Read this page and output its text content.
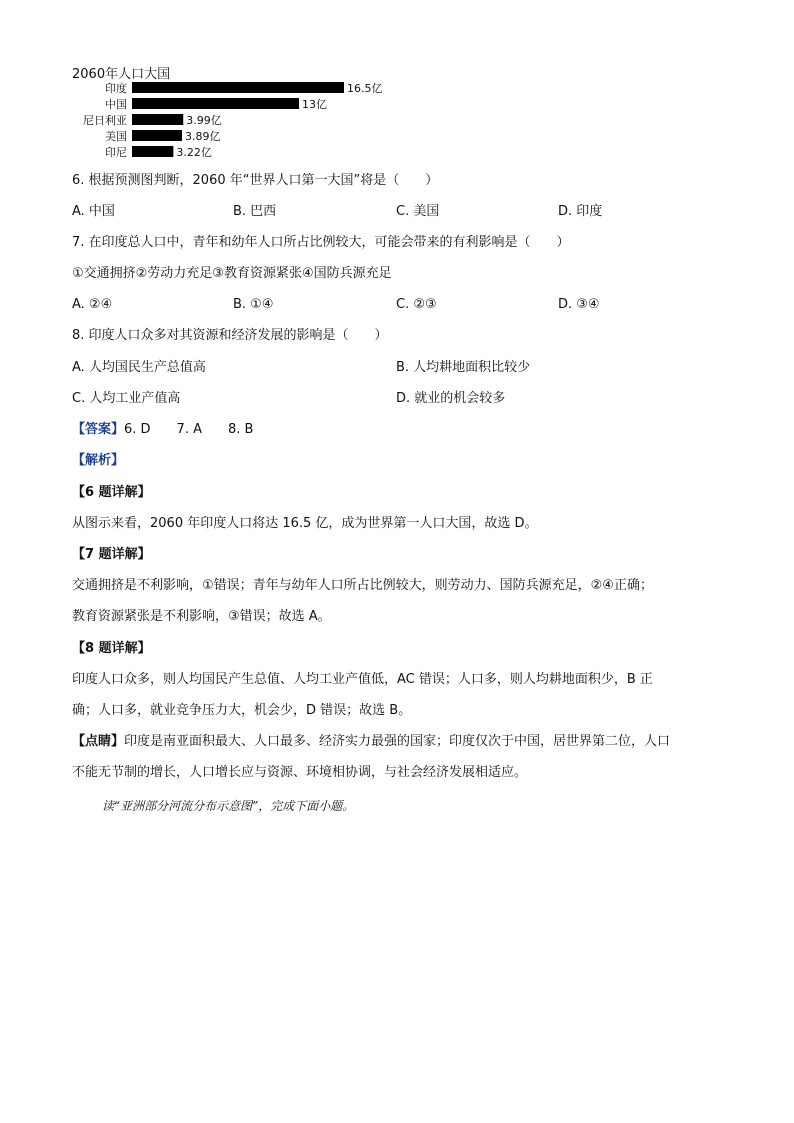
2060年人口大国
印度	16.5亿
中国	13亿
尼日利亚	3.99亿
美国	3.89亿
印尼	3.22亿
6. 根据预测图判断，2060 年“世界人口第一大国”将是（　　）
A. 中国	B. 巴西	C. 美国	D. 印度
7. 在印度总人口中，青年和幼年人口所占比例较大，可能会带来的有利影响是（　　）
①交通拥挤②劳动力充足③教育资源紧张④国防兵源充足
A. ②④	B. ①④	C. ②③	D. ③④
8. 印度人口众多对其资源和经济发展的影响是（　　）
A. 人均国民生产总值高	B. 人均耕地面积比较少
C. 人均工业产值高	D. 就业的机会较多
【答案】6. D　　7. A　　8. B
【解析】
【6 题详解】
从图示来看，2060 年印度人口将达 16.5 亿，成为世界第一人口大国，故选 D。
【7 题详解】
交通拥挤是不利影响，①错误；青年与幼年人口所占比例较大，则劳动力、国防兵源充足，②④正确；
教育资源紧张是不利影响，③错误；故选 A。
【8 题详解】
印度人口众多，则人均国民产生总值、人均工业产值低，AC 错误；人口多，则人均耕地面积少，B 正
确；人口多，就业竞争压力大，机会少，D 错误；故选 B。
【点睛】印度是南亚面积最大、人口最多、经济实力最强的国家；印度仅次于中国，居世界第二位，人口
不能无节制的增长，人口增长应与资源、环境相协调，与社会经济发展相适应。
读“亚洲部分河流分布示意图”，完成下面小题。
